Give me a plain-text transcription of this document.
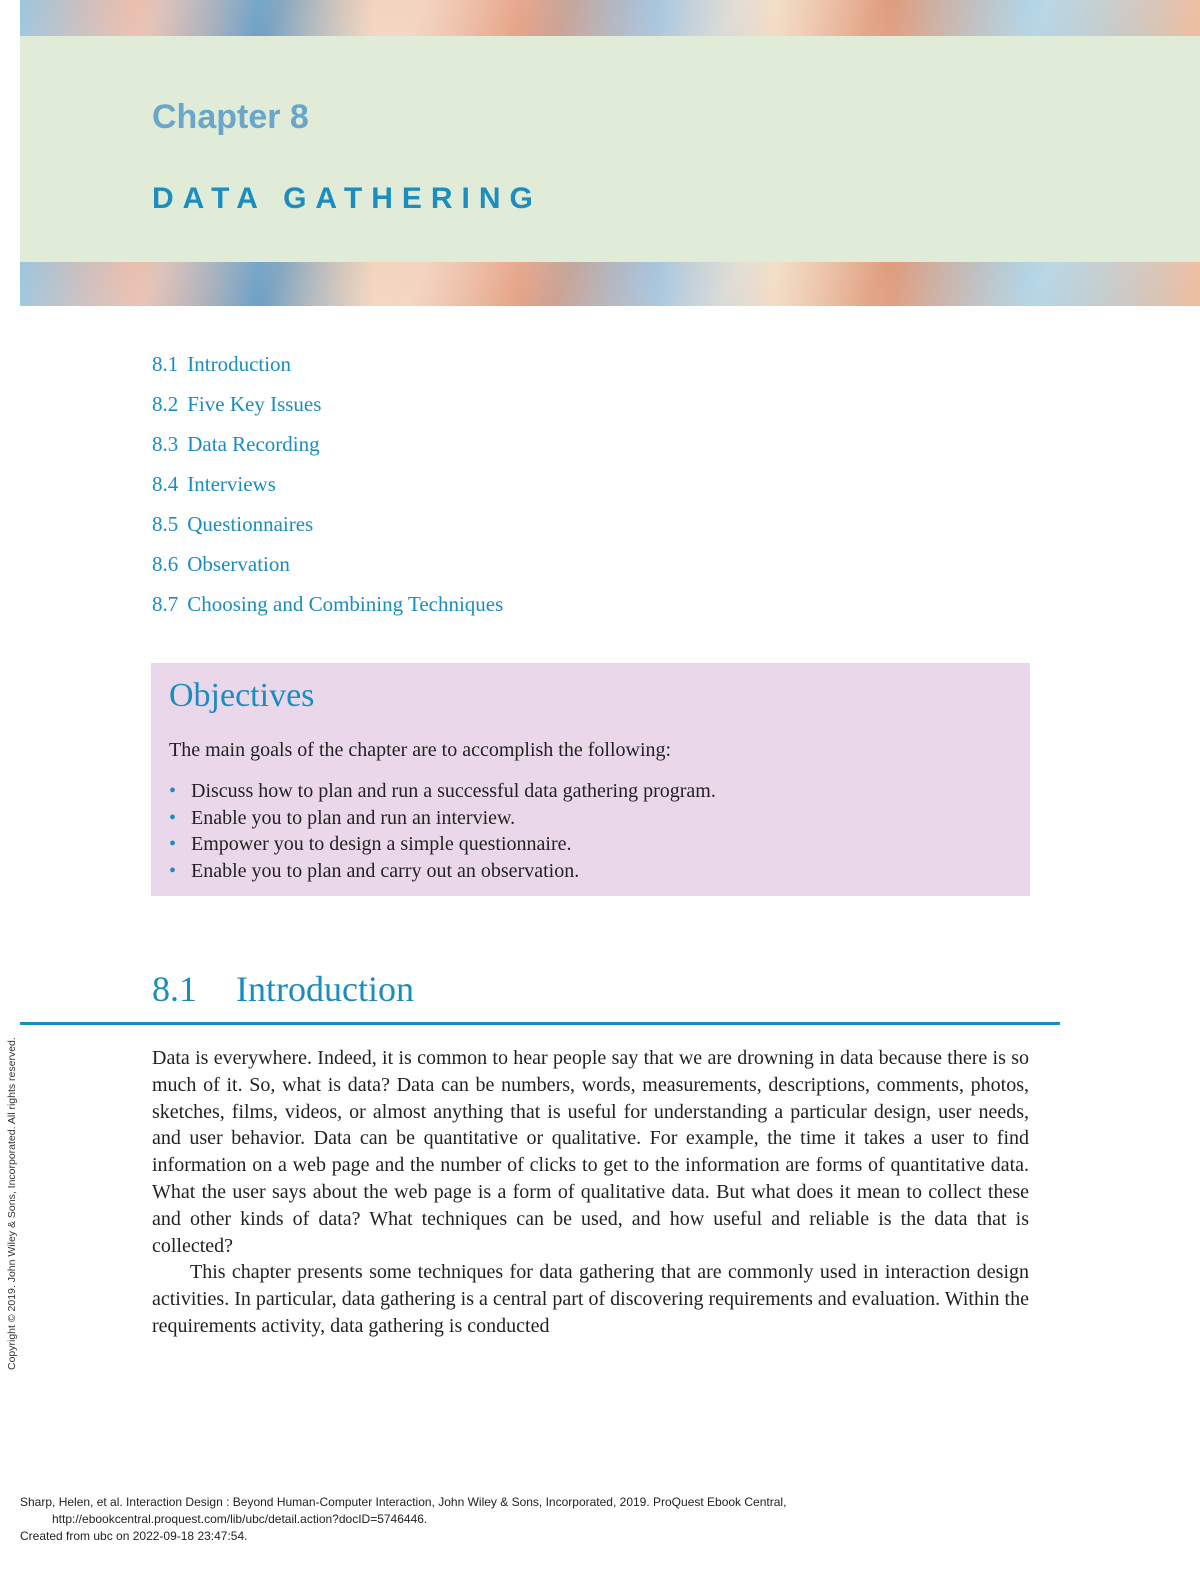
Chapter 8
DATA GATHERING
8.1 Introduction
8.2 Five Key Issues
8.3 Data Recording
8.4 Interviews
8.5 Questionnaires
8.6 Observation
8.7 Choosing and Combining Techniques
Objectives

The main goals of the chapter are to accomplish the following:

• Discuss how to plan and run a successful data gathering program.
• Enable you to plan and run an interview.
• Empower you to design a simple questionnaire.
• Enable you to plan and carry out an observation.
8.1 Introduction

Data is everywhere. Indeed, it is common to hear people say that we are drowning in data because there is so much of it. So, what is data? Data can be numbers, words, measurements, descriptions, comments, photos, sketches, films, videos, or almost anything that is useful for understanding a particular design, user needs, and user behavior. Data can be quantitative or qualitative. For example, the time it takes a user to find information on a web page and the number of clicks to get to the information are forms of quantitative data. What the user says about the web page is a form of qualitative data. But what does it mean to collect these and other kinds of data? What techniques can be used, and how useful and reliable is the data that is collected?

This chapter presents some techniques for data gathering that are commonly used in interaction design activities. In particular, data gathering is a central part of discovering requirements and evaluation. Within the requirements activity, data gathering is conducted

Copyright © 2019. John Wiley & Sons, Incorporated. All rights reserved.
Sharp, Helen, et al. Interaction Design : Beyond Human-Computer Interaction, John Wiley & Sons, Incorporated, 2019. ProQuest Ebook Central,
http://ebookcentral.proquest.com/lib/ubc/detail.action?docID=5746446.
Created from ubc on 2022-09-18 23:47:54.
